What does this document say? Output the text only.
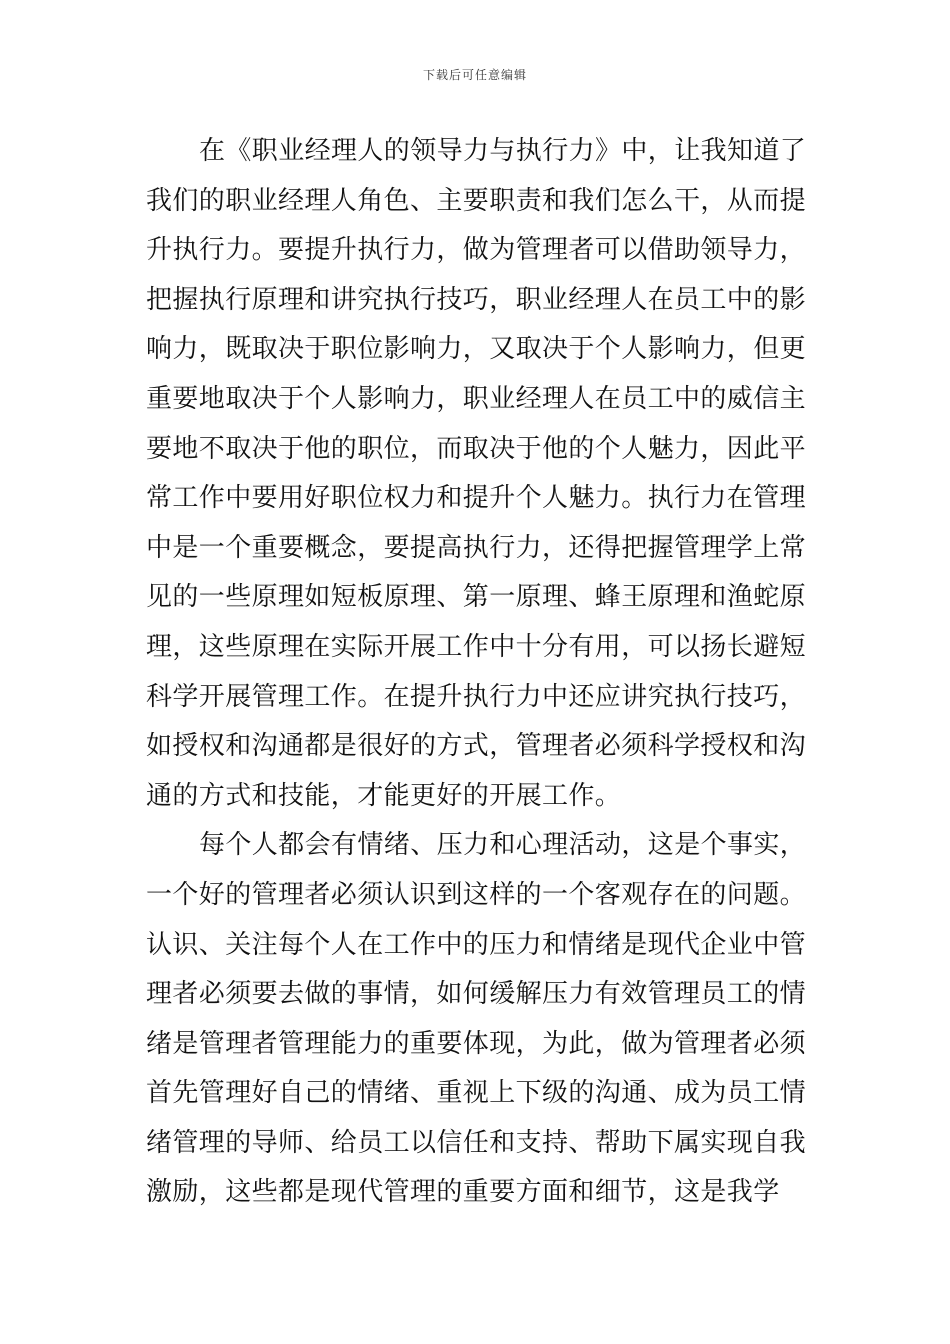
下载后可任意编辑
在《职业经理人的领导力与执行力》中，让我知道了
我们的职业经理人角色、主要职责和我们怎么干，从而提
升执行力。要提升执行力，做为管理者可以借助领导力，
把握执行原理和讲究执行技巧，职业经理人在员工中的影
响力，既取决于职位影响力，又取决于个人影响力，但更
重要地取决于个人影响力，职业经理人在员工中的威信主
要地不取决于他的职位，而取决于他的个人魅力，因此平
常工作中要用好职位权力和提升个人魅力。执行力在管理
中是一个重要概念，要提高执行力，还得把握管理学上常
见的一些原理如短板原理、第一原理、蜂王原理和渔蛇原
理，这些原理在实际开展工作中十分有用，可以扬长避短
科学开展管理工作。在提升执行力中还应讲究执行技巧，
如授权和沟通都是很好的方式，管理者必须科学授权和沟
通的方式和技能，才能更好的开展工作。
每个人都会有情绪、压力和心理活动，这是个事实，
一个好的管理者必须认识到这样的一个客观存在的问题。
认识、关注每个人在工作中的压力和情绪是现代企业中管
理者必须要去做的事情，如何缓解压力有效管理员工的情
绪是管理者管理能力的重要体现，为此，做为管理者必须
首先管理好自己的情绪、重视上下级的沟通、成为员工情
绪管理的导师、给员工以信任和支持、帮助下属实现自我
激励，这些都是现代管理的重要方面和细节，这是我学
